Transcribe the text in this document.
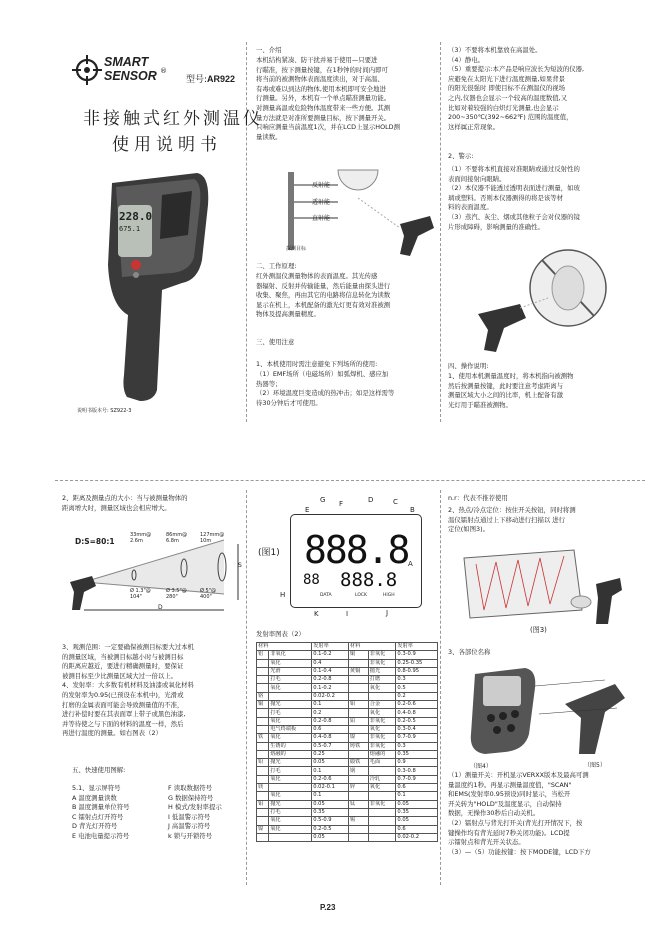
SMART
SENSOR ®
型号:AR922
非接触式红外测温仪
使用说明书
228.0
675.1
说明书版本号: SZ922-3
一、介绍
本机结构紧凑、防干扰并易于使用—只要进
行瞄准，按下测量按键，在1秒钟的时间内即可
将当前的被测物体表面温度读出，对于高温、
有毒或难以到达的物体,使用本机即可安全地进
行测量。另外，本机有一个单点瞄准测量功能。
对测量高温或危险物体温度带来一些方便。其测
量方法就是对准所要测量目标，按下测量开关。
只响应测量当前温度1次，并在LCD上显示HOLD测
量读数。
反射能
透射能
直射能
探测目标
二、工作原理:
红外测温仪测量物体的表面温度。其光传感
器辐射、反射并传输能量，然后能量由探头进行
收集、聚焦，再由其它的电路将信息转化为读数
显示在机上，本机配备的激光灯更有效对准被测
物体及提高测量精度。
三、使用注意
1、本机使用时需注意避免下列场所的使用:
（1）EMF场所（电磁场所）如弧焊机、感应加
热器等；
（2）环境温度巨变造成的热冲击；如是这样需等
待30分钟后才可使用。
（3）不要将本机靠放在高温处。
（4）静电。
（5）重要提示:本产品是响应波长为短波的仪器,
应避免在太阳光下进行温度测量,如果背景
的阳光很强时 即使目标不在测温仪的视场
之内,仪器也会显示一个较高的温度数值,又
比如对着较强的白炽灯光测量,也会显示
200~350℃(392~662℉) 范围的温度值，
这样属正常现象。
2、警示:
（1）不要将本机直接对准眼睛或通过反射性的
表面间接射向眼睛。
（2）本仪器不能透过透明表面进行测量，如玻
璃或塑料。否则本仪器测得的将是该等材
料的表面温度。
（3）蒸汽、灰尘、烟或其他粒子会对仪器的镜
片形成障碍，影响测量的准确性。
四、操作说明:
1、使用本机测量温度时，将本机指向被测物
然后按测量按键，此时要注意考虑距离与
测量区域大小之间的比率，机上配备有激
光灯用于瞄准被测物。
2、距离及测量点的大小：当与被测量物体的
距离增大时，测量区域也会相应增大。
D:S=80:1
33mm@
2.6m
86mm@
6.8m
127mm@
10m
Ø 1.3"@
104"
Ø 3.5"@
280"
Ø 5"@
400"
S
D
3、观测范围：一定要确保被测目标要大过本机
的测量区域，当被测目标越小时与被测目标
的距离应越近，要进行精确测量时，要保证
被测目标至少比测量区域大过一倍以上。
4、发射率：大多数有机材料及油漆或氧化材料
的发射率为0.95(已预设在本机中)，光滑或
打磨的金属表面可能会导致测量值的不准，
进行补偿时要在其表面罩上带子或黑色油漆,
并等待使之与下面的材料的温度一样，然后
再进行温度的测量。如右图表（2）
五、快速使用图解:
5.1、显示屏符号
A 温度测量读数
B 温度测量单位符号
C 镭射点灯开符号
D 背光灯开符号
E 电池电量提示符号
F 读取数据符号
G 数据保持符号
H 模式/发射率提示
I 低温警示符号
J 高温警示符号
k 锁与开锁符号
(图1) 888.8
888.8
88
DATA	LOCK	HIGH
G F	D	C
E	B
A
H
K	I	J
发射率图表（2）
材料		发射率	材料		发射率
铝	非氧化	0.1-0.2	铜	非氧化	0.3-0.9
	氧化	0.4		非氧化	0.25-0.35
	光滑	0.1-0.4	黄铜	抛光	0.8-0.95
	打毛	0.2-0.8		打磨	0.3
	氧化	0.1-0.2		氧化	0.5
铬		0.02-0.2			0.2
铜	抛光	0.1	钼	合金	0.2-0.6
	打毛	0.2		氧化	0.4-0.8
	氧化	0.2-0.8	铂	非氧化	0.2-0.5
	电气终端板	0.6		氧化	0.3-0.4
铁	氧化	0.4-0.8	镍	非氧化	0.7-0.9
	生锈的	0.5-0.7	铸铁	非氧化	0.3
	熔融的	0.25		熔融的	0.35
铅	抛光	0.05	锻铁	毛面	0.9
	打毛	0.1	钢		0.3-0.8
	氧化	0.2-0.6		冷轧	0.7-0.9
镁		0.02-0.1	锌	氧化	0.6
	氧化	0.1			0.1
钼	抛光	0.05	钛	非氧化	0.05
	打毛	0.35			0.35
	氧化	0.5-0.9	锡		0.05
镍	氧化	0.2-0.5			0.6
		0.05			0.02-0.2
n.r：代表不推荐使用
2、热点/冷点定位：按住开关按钮，同时将测
温仪镭射点通过上下移动进行扫描以 进行
定位(如图3)。
(图3)
3、各部位名称
（图4）	（图5）
（1）测量开关：开机显示VERXX版本及最高可测
量温度约1秒。再显示测量温度值，"SCAN"
和EMS(发射率0.95预设)同时显示，当松开
开关转为"HOLD"及温度显示，自动保持
数据，无操作30秒后自动关机。
（2）镭射点与背光打开关(背光打开情况下，按
键操作均有背光延时7秒关闭功能)。LCD提
示镭射点和背光开关状态。
（3）—（5）功能按键：按下MODE键，LCD下方
P.23
